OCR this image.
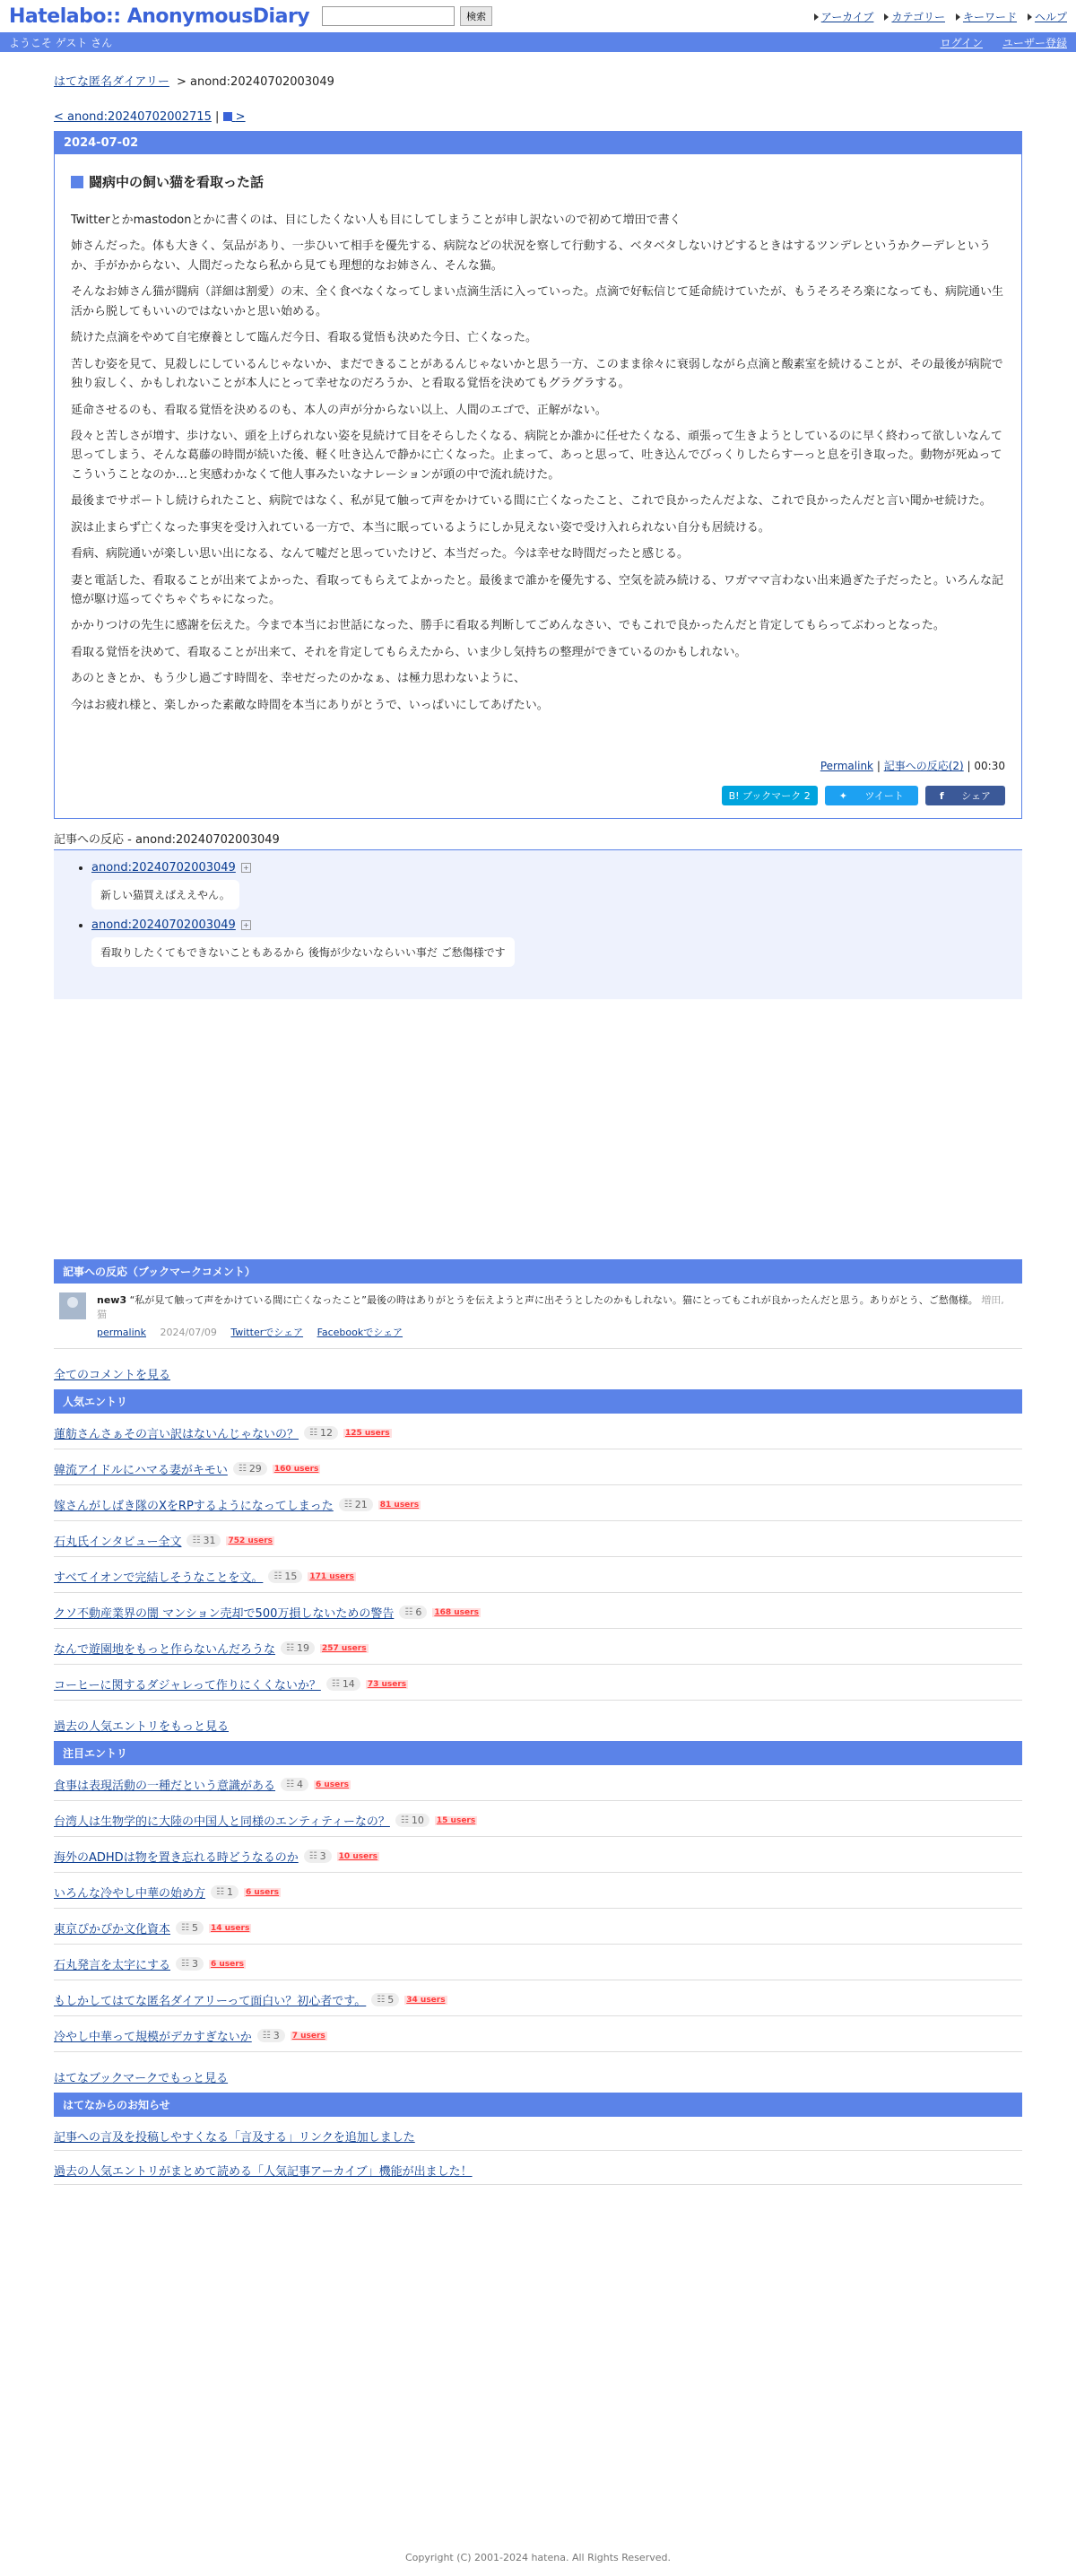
Hatelabo:: AnonymousDiary	検索	アーカイブ	カテゴリー	キーワード	ヘルプ
ようこそ ゲスト さん	ログイン ユーザー登録
はてな匿名ダイアリー > anond:20240702003049
< anond:20240702002715 | >
2024-07-02
闘病中の飼い猫を看取った話

Twitterとかmastodonとかに書くのは、目にしたくない人も目にしてしまうことが申し訳ないので初めて増田で書く

姉さんだった。体も大きく、気品があり、一歩ひいて相手を優先する、病院などの状況を察して行動する、ベタベタしないけどするときはするツンデレというかクーデレというか、手がかからない、人間だったなら私から見ても理想的なお姉さん、そんな猫。

そんなお姉さん猫が闘病（詳細は割愛）の末、全く食べなくなってしまい点滴生活に入っていった。点滴で好転信じて延命続けていたが、もうそろそろ楽になっても、病院通い生活から脱してもいいのではないかと思い始める。

続けた点滴をやめて自宅療養として臨んだ今日、看取る覚悟も決めた今日、亡くなった。

苦しむ姿を見て、見殺しにしているんじゃないか、まだできることがあるんじゃないかと思う一方、このまま徐々に衰弱しながら点滴と酸素室を続けることが、その最後が病院で独り寂しく、かもしれないことが本人にとって幸せなのだろうか、と看取る覚悟を決めてもグラグラする。

延命させるのも、看取る覚悟を決めるのも、本人の声が分からない以上、人間のエゴで、正解がない。

段々と苦しさが増す、歩けない、頭を上げられない姿を見続けて目をそらしたくなる、病院とか誰かに任せたくなる、頑張って生きようとしているのに早く終わって欲しいなんて思ってしまう、そんな葛藤の時間が続いた後、軽く吐き込んで静かに亡くなった。止まって、あっと思って、吐き込んでびっくりしたらすーっと息を引き取った。動物が死ぬってこういうことなのか…と実感わかなくて他人事みたいなナレーションが頭の中で流れ続けた。

最後までサポートし続けられたこと、病院ではなく、私が見て触って声をかけている間に亡くなったこと、これで良かったんだよな、これで良かったんだと言い聞かせ続けた。

涙は止まらず亡くなった事実を受け入れている一方で、本当に眠っているようにしか見えない姿で受け入れられない自分も居続ける。

看病、病院通いが楽しい思い出になる、なんて嘘だと思っていたけど、本当だった。今は幸せな時間だったと感じる。

妻と電話した、看取ることが出来てよかった、看取ってもらえてよかったと。最後まで誰かを優先する、空気を読み続ける、ワガママ言わない出来過ぎた子だったと。いろんな記憶が駆け巡ってぐちゃぐちゃになった。

かかりつけの先生に感謝を伝えた。今まで本当にお世話になった、勝手に看取る判断してごめんなさい、でもこれで良かったんだと肯定してもらってぶわっとなった。

看取る覚悟を決めて、看取ることが出来て、それを肯定してもらえたから、いま少し気持ちの整理ができているのかもしれない。

あのときとか、もう少し過ごす時間を、幸せだったのかなぁ、は極力思わないように、

今はお疲れ様と、楽しかった素敵な時間を本当にありがとうで、いっぱいにしてあげたい。

Permalink | 記事への反応(2) | 00:30
B! ブックマーク 2	✦ ツイート	f シェア
記事への反応 - anond:20240702003049
• anond:20240702003049 +
新しい猫買えばええやん。
• anond:20240702003049 +
看取りしたくてもできないこともあるから 後悔が少ないならいい事だ ご愁傷様です
記事への反応（ブックマークコメント）
new3 “私が見て触って声をかけている間に亡くなったこと”最後の時はありがとうを伝えようと声に出そうとしたのかもしれない。猫にとってもこれが良かったんだと思う。ありがとう、ご愁傷様。 増田, 猫
permalink 2024/07/09 Twitterでシェア Facebookでシェア
全てのコメントを見る
人気エントリ
蓮舫さんさぁその言い訳はないんじゃないの？	☷ 12	125 users
韓流アイドルにハマる妻がキモい	☷ 29	160 users
嫁さんがしばき隊のXをRPするようになってしまった	☷ 21	81 users
石丸氏インタビュー全文	☷ 31	752 users
すべてイオンで完結しそうなことを文。	☷ 15	171 users
クソ不動産業界の闇 マンション売却で500万損しないための警告	☷ 6	168 users
なんで遊園地をもっと作らないんだろうな	☷ 19	257 users
コーヒーに関するダジャレって作りにくくないか？	☷ 14	73 users
過去の人気エントリをもっと見る
注目エントリ
食事は表現活動の一種だという意識がある	☷ 4	6 users
台湾人は生物学的に大陸の中国人と同様のエンティティーなの？	☷ 10	15 users
海外のADHDは物を置き忘れる時どうなるのか	☷ 3	10 users
いろんな冷やし中華の始め方	☷ 1	6 users
東京ぴかぴか文化資本	☷ 5	14 users
石丸発言を太字にする	☷ 3	6 users
もしかしてはてな匿名ダイアリーって面白い？初心者です。	☷ 5	34 users
冷やし中華って規模がデカすぎないか	☷ 3	7 users
はてなブックマークでもっと見る
はてなからのお知らせ
記事への言及を投稿しやすくなる「言及する」リンクを追加しました
過去の人気エントリがまとめて読める「人気記事アーカイブ」機能が出ました！
Copyright (C) 2001-2024 hatena. All Rights Reserved.
